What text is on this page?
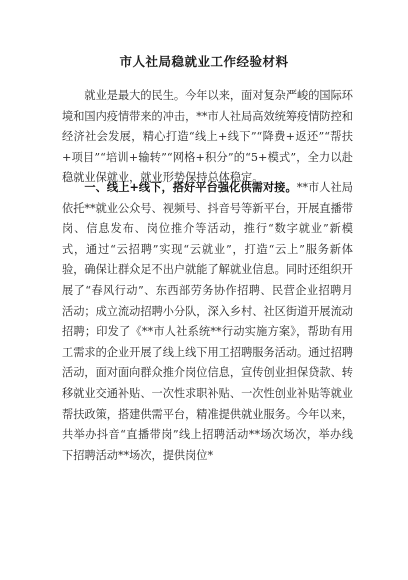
市人社局稳就业工作经验材料

就业是最大的民生。今年以来，面对复杂严峻的国际环境和国内疫情带来的冲击，**市人社局高效统筹疫情防控和经济社会发展，精心打造“线上+线下”“降费+返还”“帮扶+项目”“培训+输转”“网格+积分”的“5+模式”，全力以赴稳就业保就业，就业形势保持总体稳定。

一、线上+线下，搭好平台强化供需对接。**市人社局依托**就业公众号、视频号、抖音号等新平台，开展直播带岗、信息发布、岗位推介等活动，推行“数字就业”新模式，通过“云招聘”实现“云就业”，打造“云上”服务新体验，确保让群众足不出户就能了解就业信息。同时还组织开展了“春风行动”、东西部劳务协作招聘、民营企业招聘月活动；成立流动招聘小分队，深入乡村、社区街道开展流动招聘；印发了《**市人社系统**行动实施方案》，帮助有用工需求的企业开展了线上线下用工招聘服务活动。通过招聘活动，面对面向群众推介岗位信息，宣传创业担保贷款、转移就业交通补贴、一次性求职补贴、一次性创业补贴等就业帮扶政策，搭建供需平台，精准提供就业服务。今年以来，共举办抖音“直播带岗”线上招聘活动**场次场次，举办线下招聘活动**场次，提供岗位*
